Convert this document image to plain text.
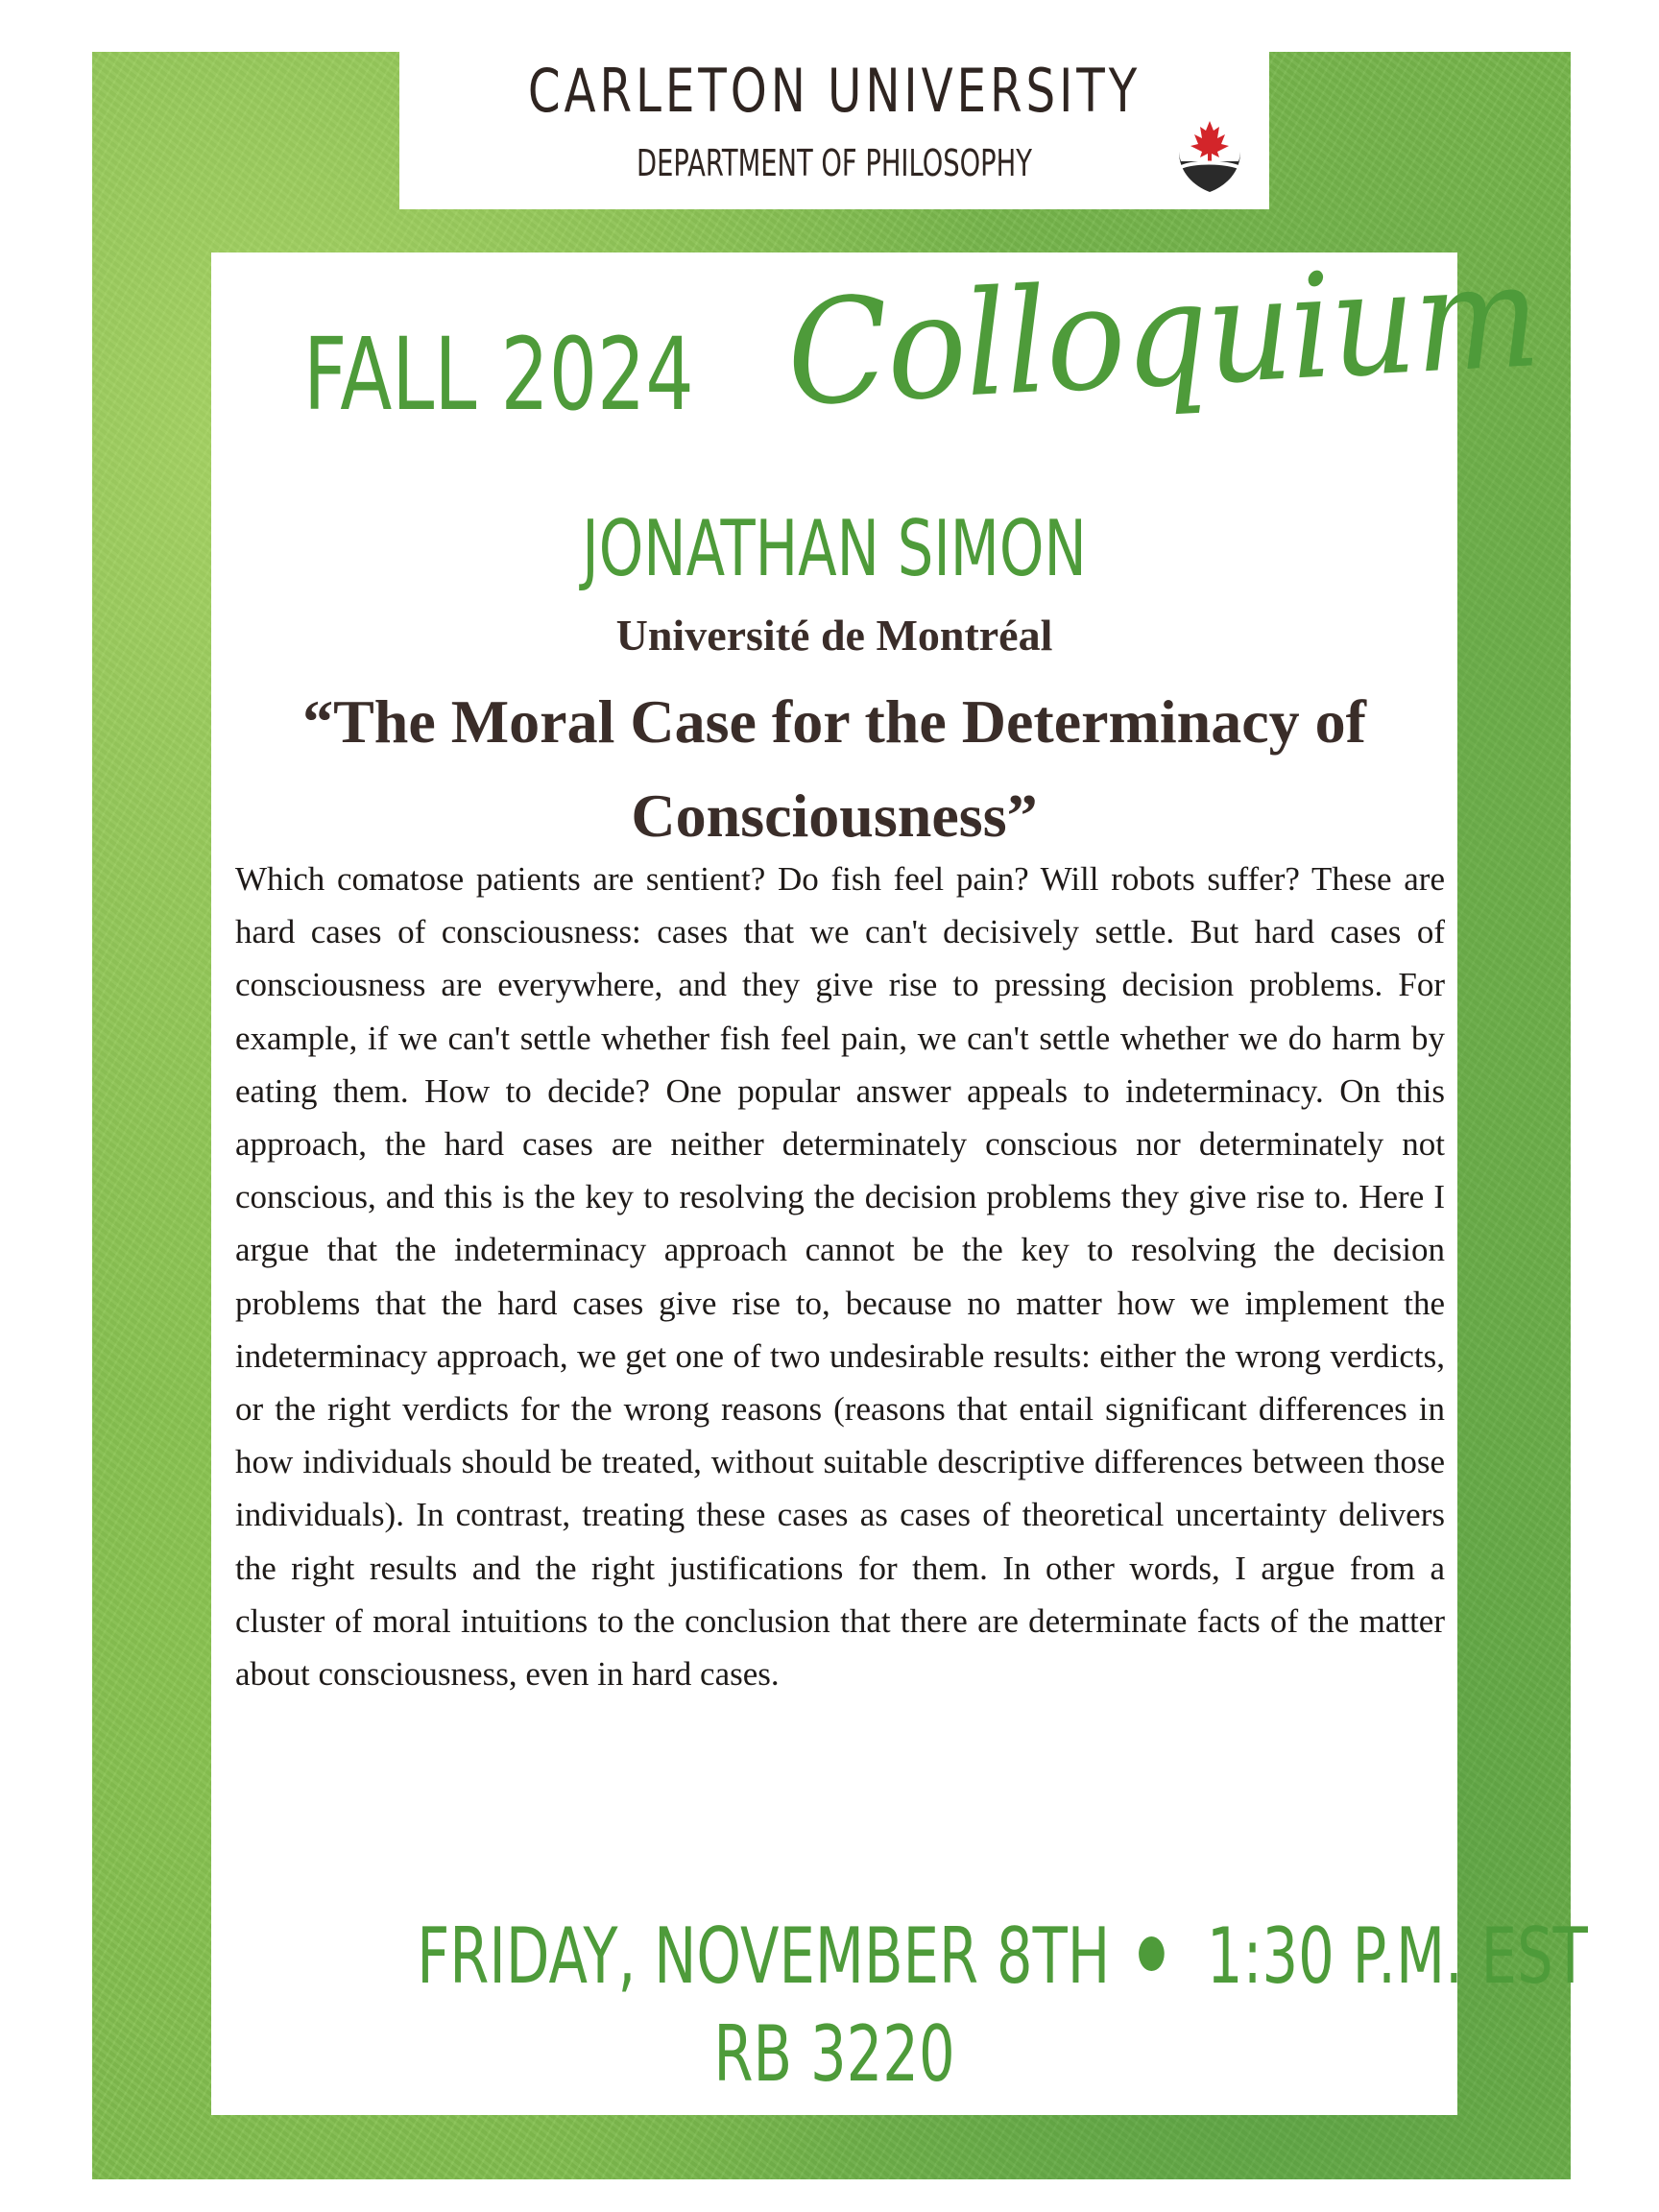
CARLETON UNIVERSITY
DEPARTMENT OF PHILOSOPHY
FALL 2024 Colloquium
JONATHAN SIMON
Université de Montréal
“The Moral Case for the Determinacy of Consciousness”
Which comatose patients are sentient? Do fish feel pain? Will robots suffer? These are hard cases of consciousness: cases that we can't decisively settle. But hard cases of consciousness are everywhere, and they give rise to pressing decision problems. For example, if we can't settle whether fish feel pain, we can't settle whether we do harm by eating them. How to decide? One popular answer appeals to indeterminacy. On this approach, the hard cases are neither determinately conscious nor determinately not conscious, and this is the key to resolving the decision problems they give rise to. Here I argue that the indeterminacy approach cannot be the key to resolving the decision problems that the hard cases give rise to, because no matter how we implement the indeterminacy approach, we get one of two undesirable results: either the wrong verdicts, or the right verdicts for the wrong reasons (reasons that entail significant differences in how individuals should be treated, without suitable descriptive differences between those individuals). In contrast, treating these cases as cases of theoretical uncertainty delivers the right results and the right justifications for them. In other words, I argue from a cluster of moral intuitions to the conclusion that there are determinate facts of the matter about consciousness, even in hard cases.
FRIDAY, NOVEMBER 8TH 1:30 P.M. EST
RB 3220
